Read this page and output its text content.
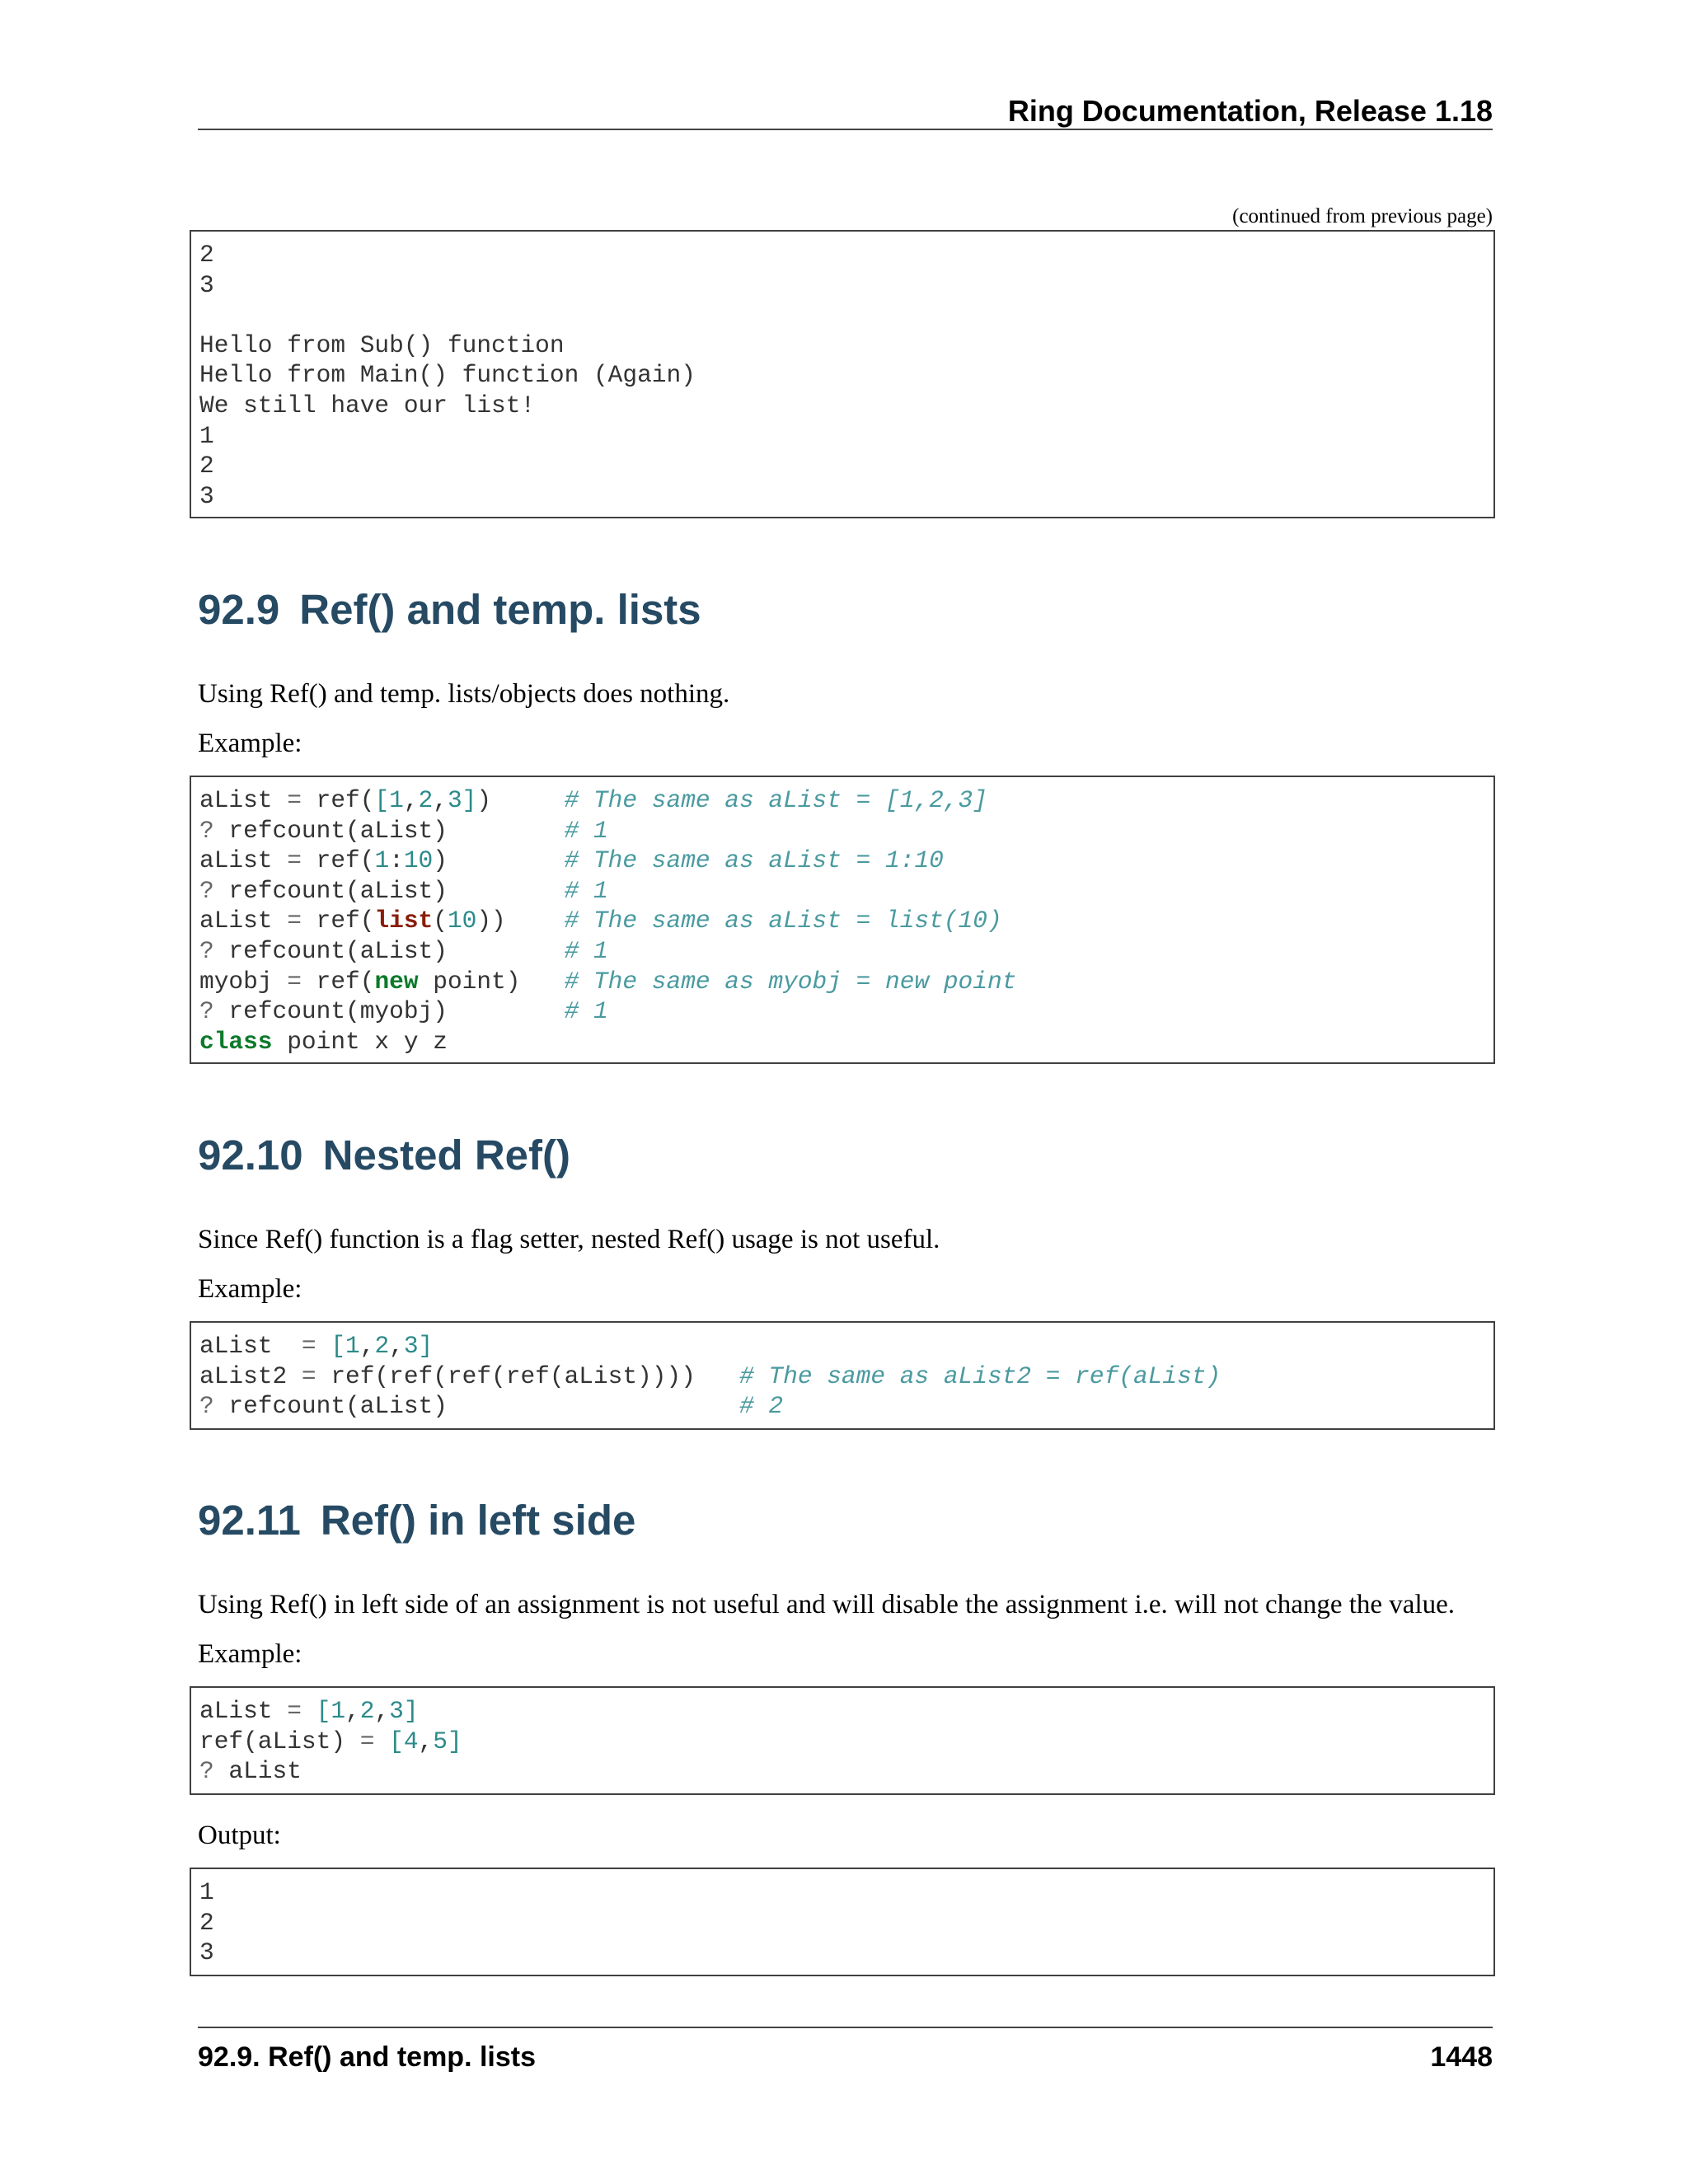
Ring Documentation, Release 1.18
(continued from previous page)
2
3
Hello from Sub() function
Hello from Main() function (Again)
We still have our list!
1
2
3
92.9 Ref() and temp. lists
Using Ref() and temp. lists/objects does nothing.
Example:
aList = ref([1,2,3])     # The same as aList = [1,2,3]
? refcount(aList)        # 1
aList = ref(1:10)        # The same as aList = 1:10
? refcount(aList)        # 1
aList = ref(list(10))    # The same as aList = list(10)
? refcount(aList)        # 1
myobj = ref(new point)   # The same as myobj = new point
? refcount(myobj)        # 1
class point x y z
92.10 Nested Ref()
Since Ref() function is a flag setter, nested Ref() usage is not useful.
Example:
aList  = [1,2,3]
aList2 = ref(ref(ref(ref(aList))))   # The same as aList2 = ref(aList)
? refcount(aList)                    # 2
92.11 Ref() in left side
Using Ref() in left side of an assignment is not useful and will disable the assignment i.e. will not change the value.
Example:
aList = [1,2,3]
ref(aList) = [4,5]
? aList
Output:
1
2
3
92.9. Ref() and temp. lists	1448
